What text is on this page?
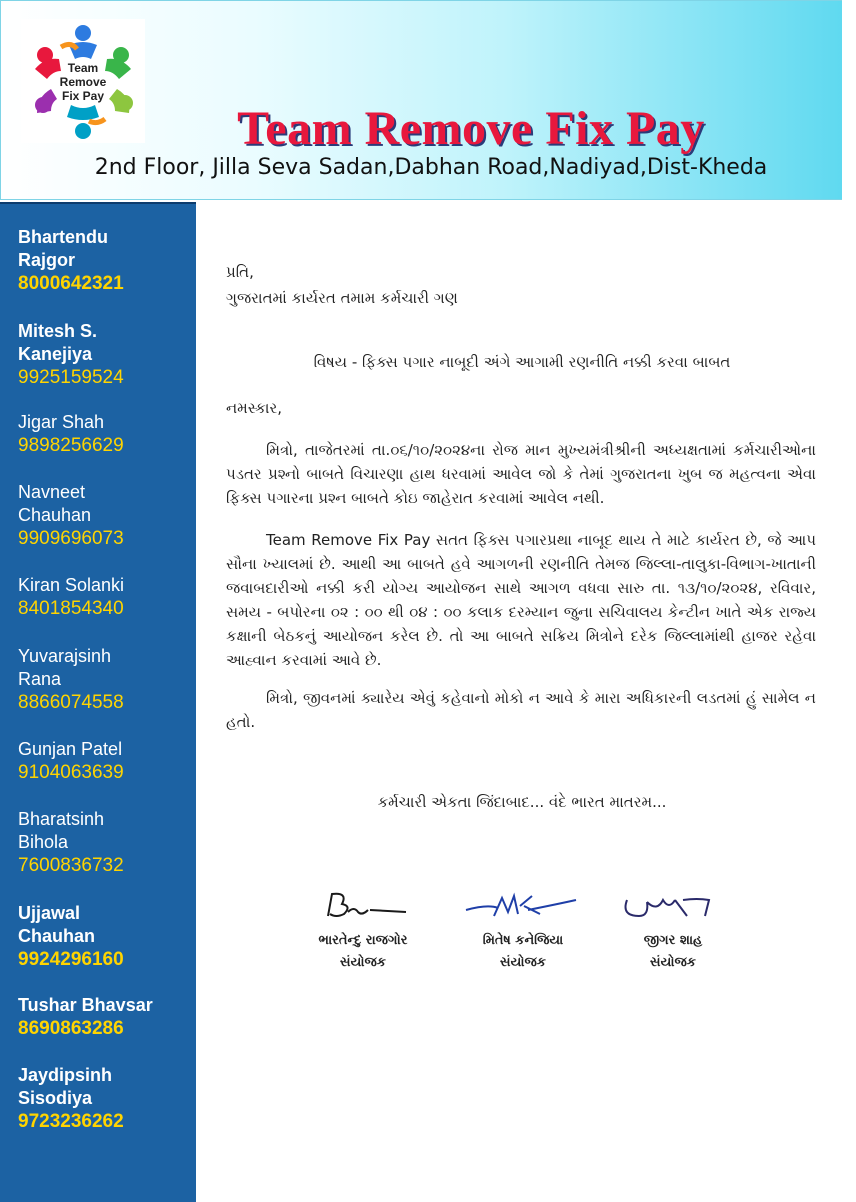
Team
Remove
Fix Pay
Team Remove Fix Pay
2nd Floor, Jilla Seva Sadan,Dabhan Road,Nadiyad,Dist-Kheda
Bhartendu
Rajgor
8000642321
Mitesh S.
Kanejiya
9925159524
Jigar Shah
9898256629
Navneet
Chauhan
9909696073
Kiran Solanki
8401854340
Yuvarajsinh
Rana
8866074558
Gunjan Patel
9104063639
Bharatsinh
Bihola
7600836732
Ujjawal
Chauhan
9924296160
Tushar Bhavsar
8690863286
Jaydipsinh
Sisodiya
9723236262
પ્રતિ,
ગુજરાતમાં કાર્યરત તમામ કર્મચારી ગણ
વિષય - ફિક્સ પગાર નાબૂદી અંગે આગામી રણનીતિ નક્કી કરવા બાબત
નમસ્કાર,
મિત્રો, તાજેતરમાં તા.૦૬/૧૦/૨૦૨૪ના રોજ માન મુખ્યમંત્રીશ્રીની અધ્યક્ષતામાં કર્મચારીઓના પડતર પ્રશ્નો બાબતે વિચારણા હાથ ધરવામાં આવેલ જો કે તેમાં ગુજરાતના ખુબ જ મહત્વના એવા ફિક્સ પગારના પ્રશ્ન બાબતે કોઇ જાહેરાત કરવામાં આવેલ નથી.
Team Remove Fix Pay સતત ફિક્સ પગારપ્રથા નાબૂદ થાય તે માટે કાર્યરત છે, જે આપ સૌના ખ્યાલમાં છે. આથી આ બાબતે હવે આગળની રણનીતિ તેમજ જિલ્લા-તાલુકા-વિભાગ-ખાતાની જવાબદારીઓ નક્કી કરી યોગ્ય આયોજન સાથે આગળ વધવા સારુ તા. ૧૩/૧૦/૨૦૨૪, રવિવાર, સમય - બપોરના ૦૨ : ૦૦ થી ૦૪ : ૦૦ કલાક દરમ્યાન જુના સચિવાલય કેન્ટીન ખાતે એક રાજ્ય કક્ષાની બેઠકનું આયોજન કરેલ છે. તો આ બાબતે સક્રિય મિત્રોને દરેક જિલ્લામાંથી હાજર રહેવા આહ્વાન કરવામાં આવે છે.
મિત્રો, જીવનમાં ક્યારેય એવું કહેવાનો મોકો ન આવે કે મારા અધિકારની લડતમાં હું સામેલ ન હતો.
કર્મચારી એકતા જિંદાબાદ... વંદે ભારત માતરમ...
ભારતેન્દુ રાજગોર
સંયોજક
મિતેષ કનેજિયા
સંયોજક
જીગર શાહ
સંયોજક
